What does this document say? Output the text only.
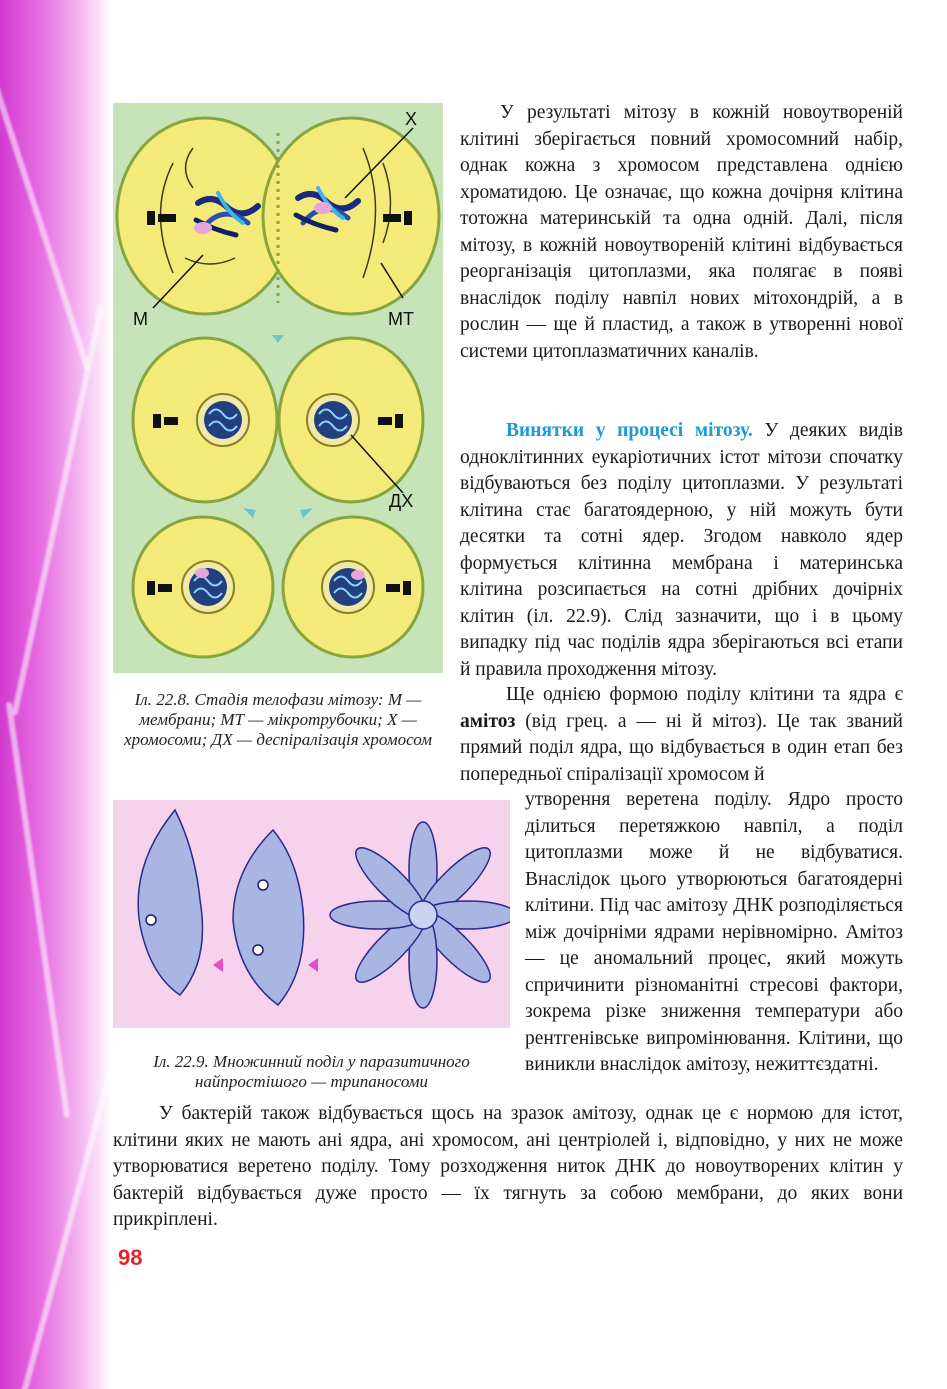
Х
М	МТ
ДХ
Іл. 22.8. Стадія телофази мітозу: М — мембрани; МТ — мікротрубочки; Х — хромосоми; ДХ — деспіралізація хромосом
Іл. 22.9. Множинний поділ у паразитичного найпростішого — трипаносоми

У результаті мітозу в кожній новоутвореній клітині зберігається повний хромосомний набір, однак кожна з хромосом представлена однією хроматидою. Це означає, що кожна дочірня клітина тотожна материнській та одна одній. Далі, після мітозу, в кожній новоутвореній клітині відбувається реорганізація цитоплазми, яка полягає в появі внаслідок поділу навпіл нових мітохондрій, а в рослин — ще й пластид, а також в утворенні нової системи цитоплазматичних каналів.

Винятки у процесі мітозу. У деяких видів одноклітинних еукаріотичних істот мітози спочатку відбуваються без поділу цитоплазми. У результаті клітина стає багатоядерною, у ній можуть бути десятки та сотні ядер. Згодом навколо ядер формується клітинна мембрана і материнська клітина розсипається на сотні дрібних дочірніх клітин (іл. 22.9). Слід зазначити, що і в цьому випадку під час поділів ядра зберігаються всі етапи й правила проходження мітозу.

Ще однією формою поділу клітини та ядра є амітоз (від грец. а — ні й мітоз). Це так званий прямий поділ ядра, що відбувається в один етап без попередньої спіралізації хромосом й

утворення веретена поділу. Ядро просто ділиться перетяжкою навпіл, а поділ цитоплазми може й не відбуватися. Внаслідок цього утворюються багатоядерні клітини. Під час амітозу ДНК розподіляється між дочірніми ядрами нерівномірно. Амітоз — це аномальний процес, який можуть спричинити різноманітні стресові фактори, зокрема різке зниження температури або рентгенівське випромінювання. Клітини, що виникли внаслідок амітозу, нежиттєздатні.

У бактерій також відбувається щось на зразок амітозу, однак це є нормою для істот, клітини яких не мають ані ядра, ані хромосом, ані центріолей і, відповідно, у них не може утворюватися веретено поділу. Тому розходження ниток ДНК до новоутворених клітин у бактерій відбувається дуже просто — їх тягнуть за собою мембрани, до яких вони прикріплені.

98
